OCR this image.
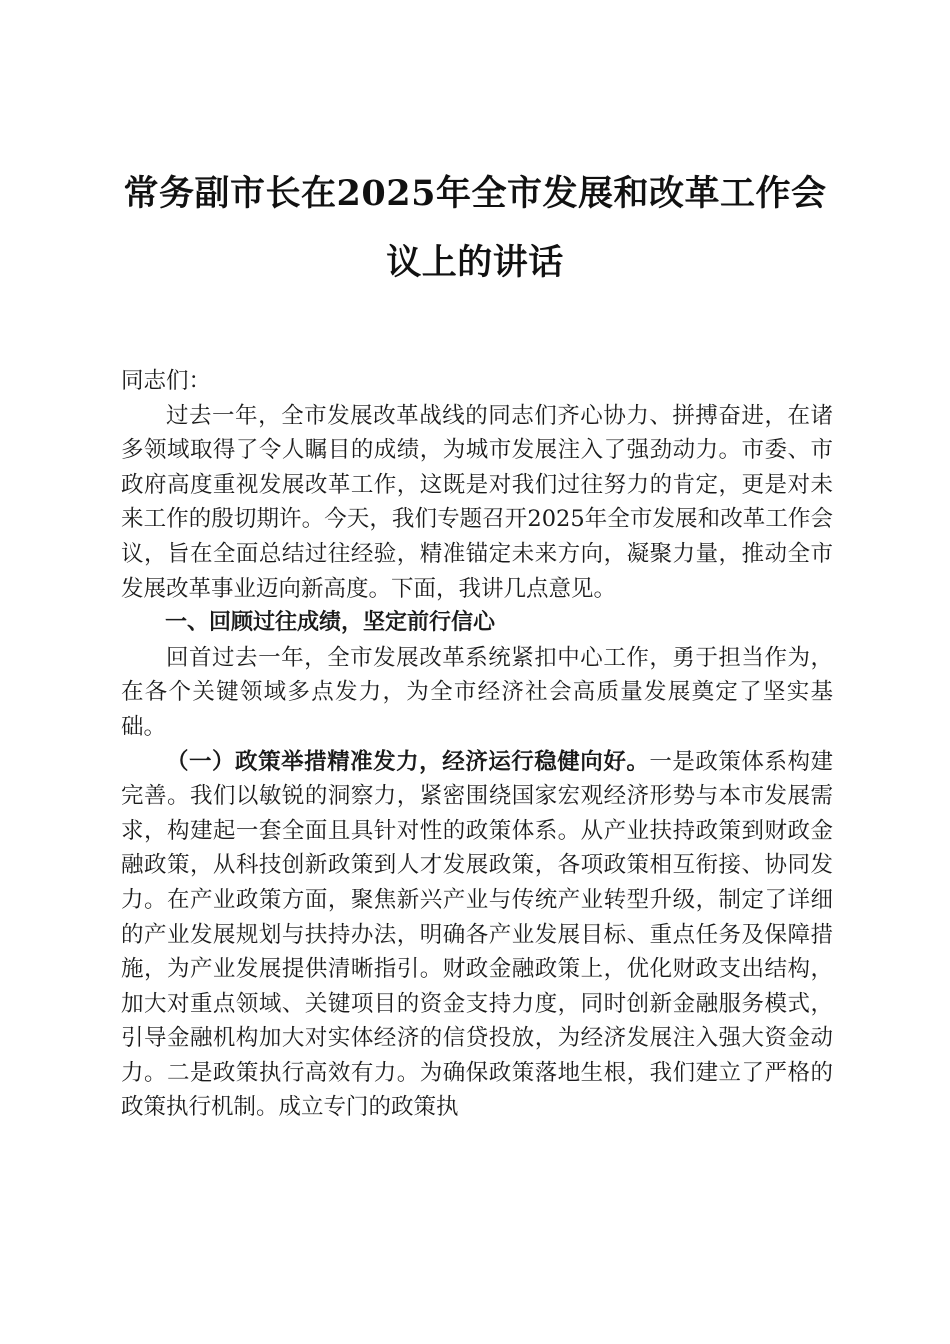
常务副市长在2025年全市发展和改革工作会
议上的讲话

同志们：

过去一年，全市发展改革战线的同志们齐心协力、拼搏奋进，在诸多领域取得了令人瞩目的成绩，为城市发展注入了强劲动力。市委、市政府高度重视发展改革工作，这既是对我们过往努力的肯定，更是对未来工作的殷切期许。今天，我们专题召开2025年全市发展和改革工作会议，旨在全面总结过往经验，精准锚定未来方向，凝聚力量，推动全市发展改革事业迈向新高度。下面，我讲几点意见。

一、回顾过往成绩，坚定前行信心

回首过去一年，全市发展改革系统紧扣中心工作，勇于担当作为，在各个关键领域多点发力，为全市经济社会高质量发展奠定了坚实基础。

（一）政策举措精准发力，经济运行稳健向好。一是政策体系构建完善。我们以敏锐的洞察力，紧密围绕国家宏观经济形势与本市发展需求，构建起一套全面且具针对性的政策体系。从产业扶持政策到财政金融政策，从科技创新政策到人才发展政策，各项政策相互衔接、协同发力。在产业政策方面，聚焦新兴产业与传统产业转型升级，制定了详细的产业发展规划与扶持办法，明确各产业发展目标、重点任务及保障措施，为产业发展提供清晰指引。财政金融政策上，优化财政支出结构，加大对重点领域、关键项目的资金支持力度，同时创新金融服务模式，引导金融机构加大对实体经济的信贷投放，为经济发展注入强大资金动力。二是政策执行高效有力。为确保政策落地生根，我们建立了严格的政策执行机制。成立专门的政策执
